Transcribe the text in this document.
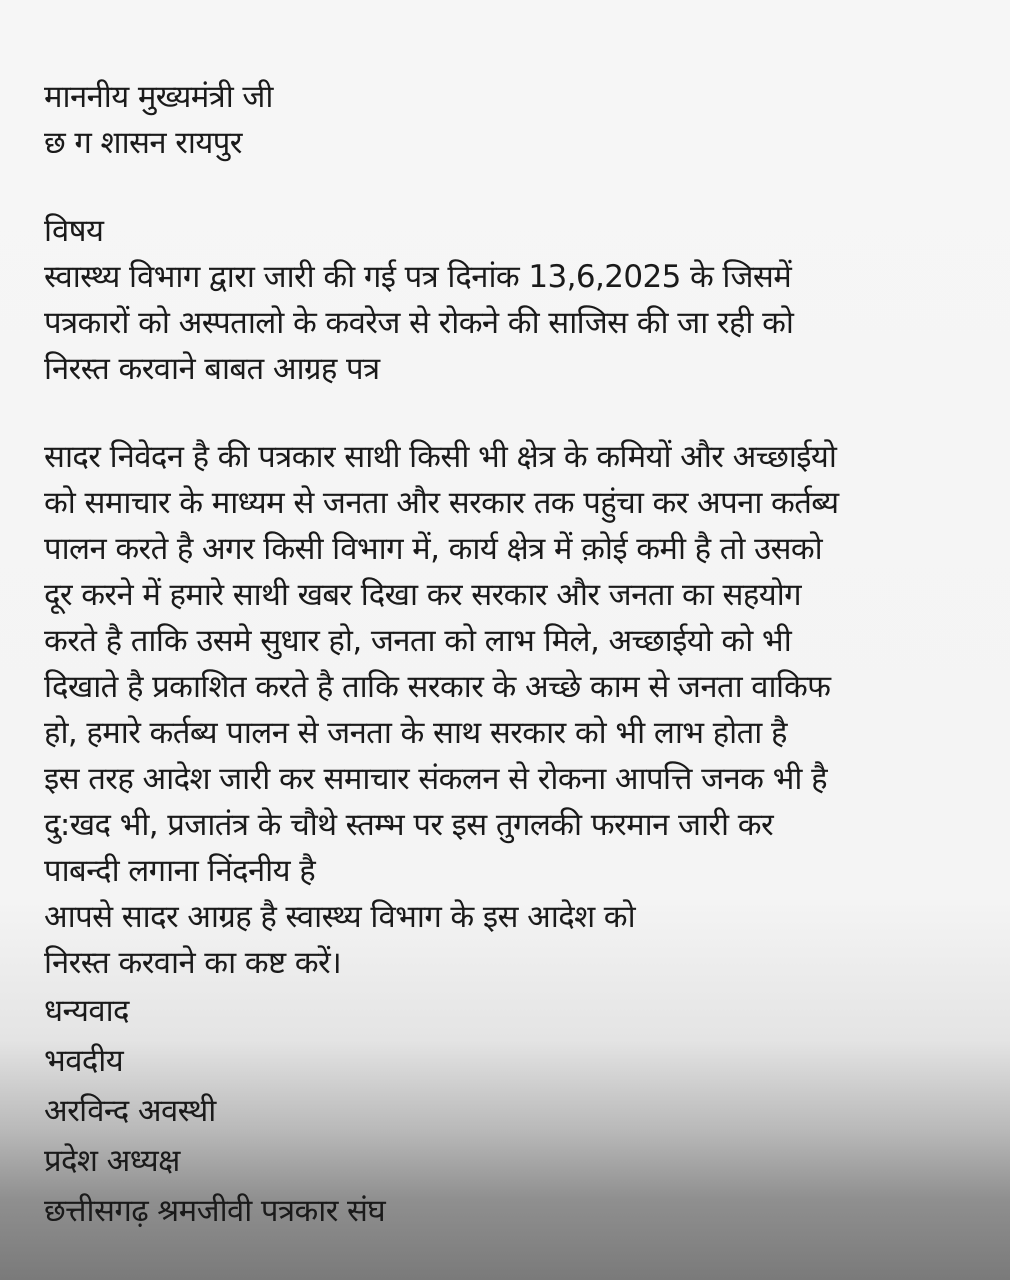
माननीय मुख्यमंत्री जी
छ ग शासन रायपुर
विषय
स्वास्थ्य विभाग द्वारा जारी की गई पत्र दिनांक 13,6,2025 के जिसमें
पत्रकारों को अस्पतालो के कवरेज से रोकने की साजिस की जा रही को
निरस्त करवाने बाबत आग्रह पत्र
सादर निवेदन है की पत्रकार साथी किसी भी क्षेत्र के कमियों और अच्छाईयो
को समाचार के माध्यम से जनता और सरकार तक पहुंचा कर अपना कर्तब्य
पालन करते है अगर किसी विभाग में, कार्य क्षेत्र में क़ोई कमी है तो उसको
दूर करने में हमारे साथी खबर दिखा कर सरकार और जनता का सहयोग
करते है ताकि उसमे सुधार हो, जनता को लाभ मिले, अच्छाईयो को भी
दिखाते है प्रकाशित करते है ताकि सरकार के अच्छे काम से जनता वाकिफ
हो, हमारे कर्तब्य पालन से जनता के साथ सरकार को भी लाभ होता है
इस तरह आदेश जारी कर समाचार संकलन से रोकना आपत्ति जनक भी है
दु:खद भी, प्रजातंत्र के चौथे स्तम्भ पर इस तुगलकी फरमान जारी कर
पाबन्दी लगाना निंदनीय है
आपसे सादर आग्रह है स्वास्थ्य विभाग के इस आदेश को
निरस्त करवाने का कष्ट करें।
धन्यवाद
भवदीय
अरविन्द अवस्थी
प्रदेश अध्यक्ष
छत्तीसगढ़ श्रमजीवी पत्रकार संघ
